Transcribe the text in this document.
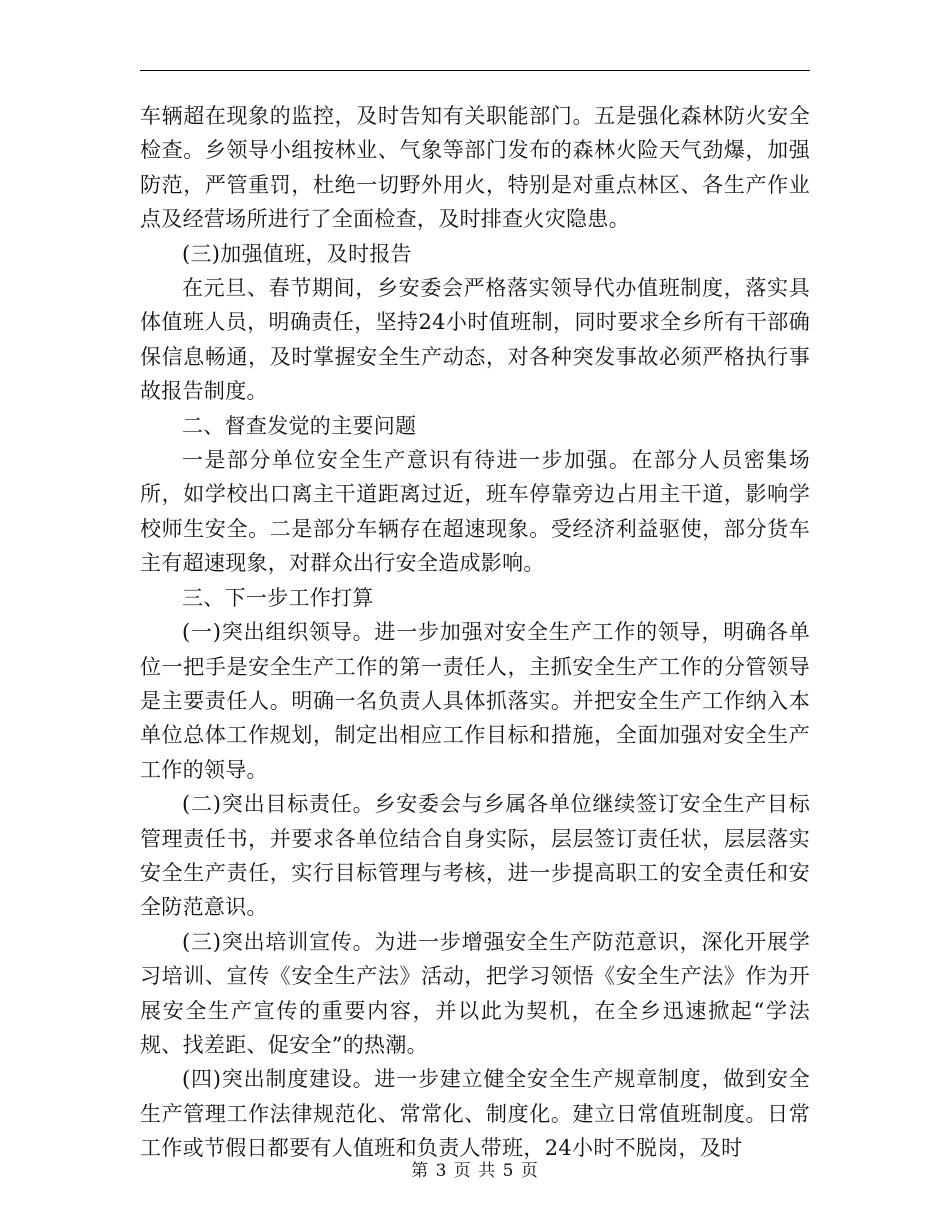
车辆超在现象的监控，及时告知有关职能部门。五是强化森林防火安全检查。乡领导小组按林业、气象等部门发布的森林火险天气劲爆，加强防范，严管重罚，杜绝一切野外用火，特别是对重点林区、各生产作业点及经营场所进行了全面检查，及时排查火灾隐患。

(三)加强值班，及时报告

在元旦、春节期间，乡安委会严格落实领导代办值班制度，落实具体值班人员，明确责任，坚持24小时值班制，同时要求全乡所有干部确保信息畅通，及时掌握安全生产动态，对各种突发事故必须严格执行事故报告制度。

二、督查发觉的主要问题

一是部分单位安全生产意识有待进一步加强。在部分人员密集场所，如学校出口离主干道距离过近，班车停靠旁边占用主干道，影响学校师生安全。二是部分车辆存在超速现象。受经济利益驱使，部分货车主有超速现象，对群众出行安全造成影响。

三、下一步工作打算

(一)突出组织领导。进一步加强对安全生产工作的领导，明确各单位一把手是安全生产工作的第一责任人，主抓安全生产工作的分管领导是主要责任人。明确一名负责人具体抓落实。并把安全生产工作纳入本单位总体工作规划，制定出相应工作目标和措施，全面加强对安全生产工作的领导。

(二)突出目标责任。乡安委会与乡属各单位继续签订安全生产目标管理责任书，并要求各单位结合自身实际，层层签订责任状，层层落实安全生产责任，实行目标管理与考核，进一步提高职工的安全责任和安全防范意识。

(三)突出培训宣传。为进一步增强安全生产防范意识，深化开展学习培训、宣传《安全生产法》活动，把学习领悟《安全生产法》作为开展安全生产宣传的重要内容，并以此为契机，在全乡迅速掀起“学法规、找差距、促安全”的热潮。

(四)突出制度建设。进一步建立健全安全生产规章制度，做到安全生产管理工作法律规范化、常常化、制度化。建立日常值班制度。日常工作或节假日都要有人值班和负责人带班，24小时不脱岗，及时

第 3 页 共 5 页
